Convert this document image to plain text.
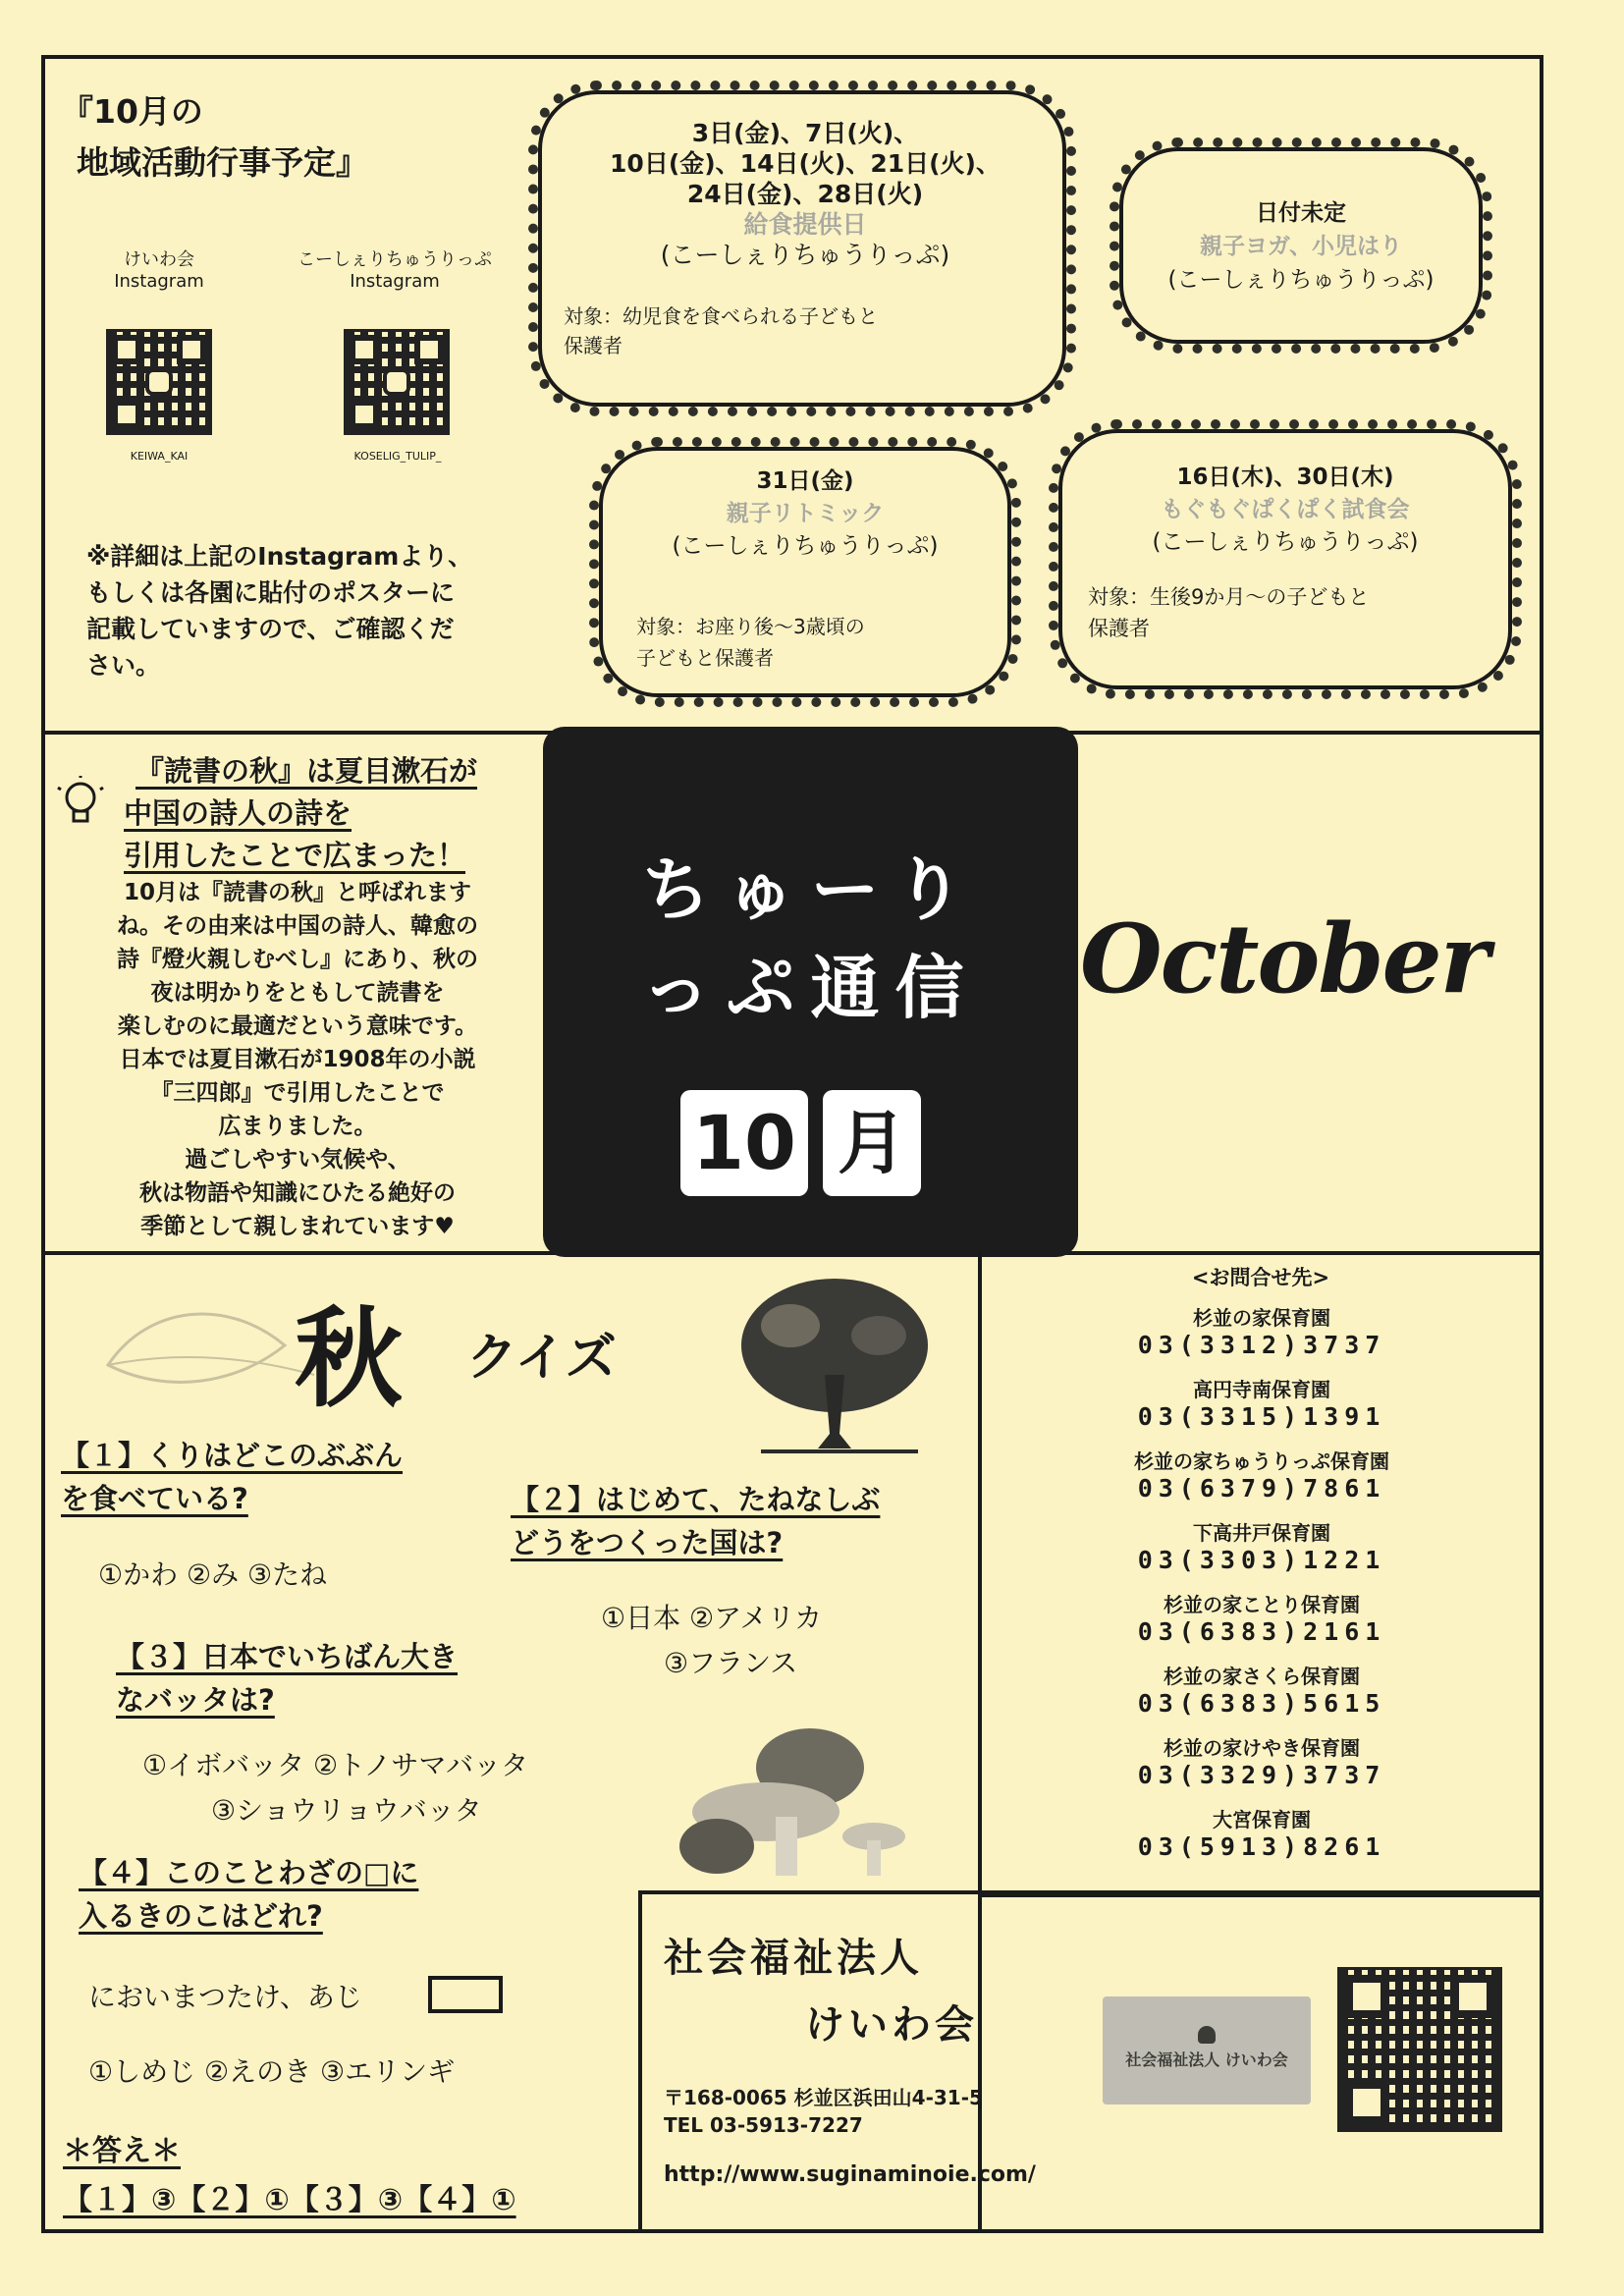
『10月の
地域活動行事予定』
けいわ会
Instagram
KEIWA_KAI
こーしぇりちゅうりっぷ
Instagram
KOSELIG_TULIP_
※詳細は上記のInstagramより、もしくは各園に貼付のポスターに記載していますので、ご確認ください。
3日(金)、7日(火)、
10日(金)、14日(火)、21日(火)、
24日(金)、28日(火)
給食提供日
(こーしぇりちゅうりっぷ)
対象：幼児食を食べられる子どもと
保護者
日付未定
親子ヨガ、小児はり
(こーしぇりちゅうりっぷ)
31日(金)
親子リトミック
(こーしぇりちゅうりっぷ)
対象：お座り後～3歳頃の
子どもと保護者
16日(木)、30日(木)
もぐもぐぱくぱく試食会
(こーしぇりちゅうりっぷ)
対象：生後9か月～の子どもと
保護者
『読書の秋』は夏目漱石が
中国の詩人の詩を
引用したことで広まった！
10月は『読書の秋』と呼ばれます
ね。その由来は中国の詩人、韓愈の
詩『燈火親しむべし』にあり、秋の
夜は明かりをともして読書を
楽しむのに最適だという意味です。
日本では夏目漱石が1908年の小説
『三四郎』で引用したことで
広まりました。
過ごしやすい気候や、
秋は物語や知識にひたる絶好の
季節として親しまれています♥
ちゅーり
っぷ通信
10 月
October
秋 クイズ
【１】くりはどこのぶぶん
を食べている?
①かわ ②み ③たね
【２】はじめて、たねなしぶ
どうをつくった国は?
①日本 ②アメリカ
③フランス
【３】日本でいちばん大き
なバッタは?
①イボバッタ ②トノサマバッタ
③ショウリョウバッタ
【４】このことわざの□に
入るきのこはどれ?
においまつたけ、あじ
①しめじ ②えのき ③エリンギ
＊答え＊
【１】③【２】①【３】③【４】①
<お問合せ先>
杉並の家保育園
03(3312)3737
高円寺南保育園
03(3315)1391
杉並の家ちゅうりっぷ保育園
03(6379)7861
下高井戸保育園
03(3303)1221
杉並の家ことり保育園
03(6383)2161
杉並の家さくら保育園
03(6383)5615
杉並の家けやき保育園
03(3329)3737
大宮保育園
03(5913)8261
社会福祉法人
けいわ会
〒168-0065 杉並区浜田山4-31-5
TEL 03-5913-7227
http://www.suginaminoie.com/
社会福祉法人 けいわ会
